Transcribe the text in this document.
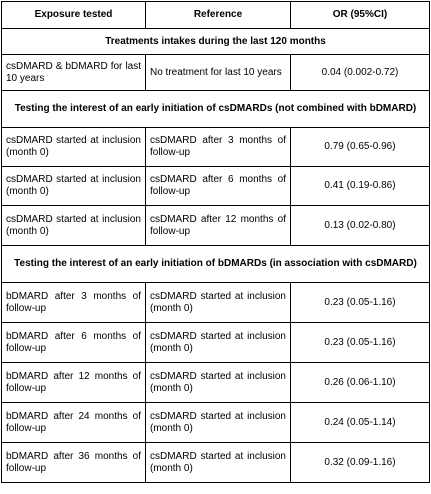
Exposure tested	Reference	OR (95%CI)
Treatments intakes during the last 120 months		
csDMARD & bDMARD for last 10 years	No treatment for last 10 years	0.04 (0.002-0.72)
Testing the interest of an early initiation of csDMARDs (not combined with bDMARD)		
csDMARD started at inclusion (month 0)	csDMARD after 3 months of follow-up	0.79 (0.65-0.96)
csDMARD started at inclusion (month 0)	csDMARD after 6 months of follow-up	0.41 (0.19-0.86)
csDMARD started at inclusion (month 0)	csDMARD after 12 months of follow-up	0.13 (0.02-0.80)
Testing the interest of an early initiation of bDMARDs (in association with csDMARD)		
bDMARD after 3 months of follow-up	csDMARD started at inclusion (month 0)	0.23 (0.05-1.16)
bDMARD after 6 months of follow-up	csDMARD started at inclusion (month 0)	0.23 (0.05-1.16)
bDMARD after 12 months of follow-up	csDMARD started at inclusion (month 0)	0.26 (0.06-1.10)
bDMARD after 24 months of follow-up	csDMARD started at inclusion (month 0)	0.24 (0.05-1.14)
bDMARD after 36 months of follow-up	csDMARD started at inclusion (month 0)	0.32 (0.09-1.16)
